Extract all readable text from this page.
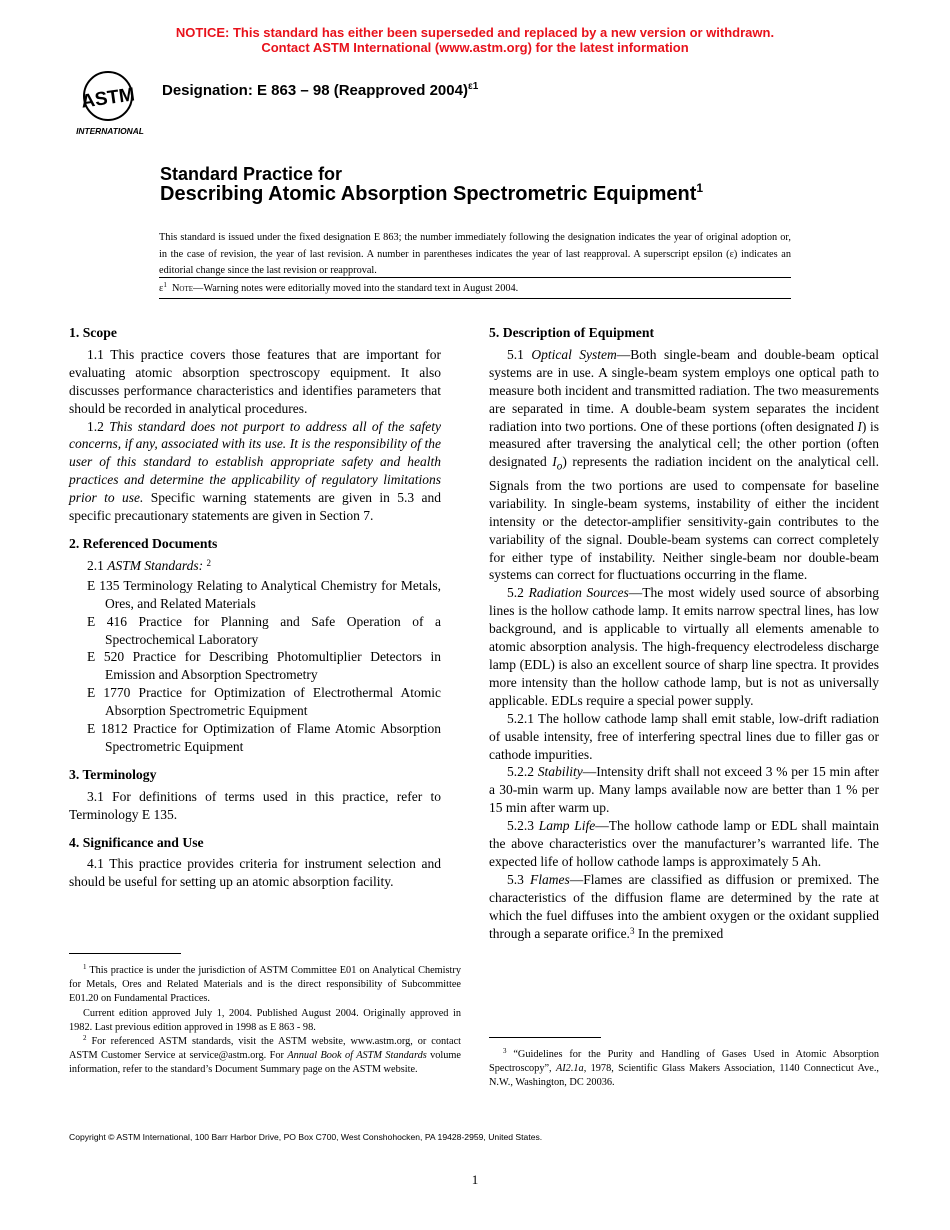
NOTICE: This standard has either been superseded and replaced by a new version or withdrawn.
Contact ASTM International (www.astm.org) for the latest information
ASTM
INTERNATIONAL
Designation: E 863 – 98 (Reapproved 2004)$^{\varepsilon 1}$
Standard Practice for
Describing Atomic Absorption Spectrometric Equipment$^1$
This standard is issued under the fixed designation E 863; the number immediately following the designation indicates the year of original adoption or, in the case of revision, the year of last revision. A number in parentheses indicates the year of last reapproval. A superscript epsilon (ε) indicates an editorial change since the last revision or reapproval.
$\varepsilon^1$ Note—Warning notes were editorially moved into the standard text in August 2004.
1. Scope
1.1 This practice covers those features that are important for evaluating atomic absorption spectroscopy equipment. It also discusses performance characteristics and identifies parameters that should be recorded in analytical procedures.
1.2 This standard does not purport to address all of the safety concerns, if any, associated with its use. It is the responsibility of the user of this standard to establish appropriate safety and health practices and determine the applicability of regulatory limitations prior to use. Specific warning statements are given in 5.3 and specific precautionary statements are given in Section 7.
2. Referenced Documents
2.1 ASTM Standards: $^2$
E 135 Terminology Relating to Analytical Chemistry for Metals, Ores, and Related Materials
E 416 Practice for Planning and Safe Operation of a Spectrochemical Laboratory
E 520 Practice for Describing Photomultiplier Detectors in Emission and Absorption Spectrometry
E 1770 Practice for Optimization of Electrothermal Atomic Absorption Spectrometric Equipment
E 1812 Practice for Optimization of Flame Atomic Absorption Spectrometric Equipment
3. Terminology
3.1 For definitions of terms used in this practice, refer to Terminology E 135.
4. Significance and Use
4.1 This practice provides criteria for instrument selection and should be useful for setting up an atomic absorption facility.
5. Description of Equipment
5.1 Optical System—Both single-beam and double-beam optical systems are in use. A single-beam system employs one optical path to measure both incident and transmitted radiation. The two measurements are separated in time. A double-beam system separates the incident radiation into two portions. One of these portions (often designated I) is measured after traversing the analytical cell; the other portion (often designated $I_o$) represents the radiation incident on the analytical cell. Signals from the two portions are used to compensate for baseline variability. In single-beam systems, instability of either the incident intensity or the detector-amplifier sensitivity-gain contributes to the variability of the signal. Double-beam systems can correct completely for either type of instability. Neither single-beam nor double-beam systems can correct for fluctuations occurring in the flame.
5.2 Radiation Sources—The most widely used source of absorbing lines is the hollow cathode lamp. It emits narrow spectral lines, has low background, and is applicable to virtually all elements amenable to atomic absorption analysis. The high-frequency electrodeless discharge lamp (EDL) is also an excellent source of sharp line spectra. It provides more intensity than the hollow cathode lamp, but is not as universally applicable. EDLs require a special power supply.
5.2.1 The hollow cathode lamp shall emit stable, low-drift radiation of usable intensity, free of interfering spectral lines due to filler gas or cathode impurities.
5.2.2 Stability—Intensity drift shall not exceed 3 % per 15 min after a 30-min warm up. Many lamps available now are better than 1 % per 15 min after warm up.
5.2.3 Lamp Life—The hollow cathode lamp or EDL shall maintain the above characteristics over the manufacturer’s warranted life. The expected life of hollow cathode lamps is approximately 5 Ah.
5.3 Flames—Flames are classified as diffusion or premixed. The characteristics of the diffusion flame are determined by the rate at which the fuel diffuses into the ambient oxygen or the oxidant supplied through a separate orifice.$^3$ In the premixed

$^1$ This practice is under the jurisdiction of ASTM Committee E01 on Analytical Chemistry for Metals, Ores and Related Materials and is the direct responsibility of Subcommittee E01.20 on Fundamental Practices.

Current edition approved July 1, 2004. Published August 2004. Originally approved in 1982. Last previous edition approved in 1998 as E 863 - 98.

$^2$ For referenced ASTM standards, visit the ASTM website, www.astm.org, or contact ASTM Customer Service at service@astm.org. For Annual Book of ASTM Standards volume information, refer to the standard’s Document Summary page on the ASTM website.

$^3$ “Guidelines for the Purity and Handling of Gases Used in Atomic Absorption Spectroscopy”, AI2.1a, 1978, Scientific Glass Makers Association, 1140 Connecticut Ave., N.W., Washington, DC 20036.

Copyright © ASTM International, 100 Barr Harbor Drive, PO Box C700, West Conshohocken, PA 19428-2959, United States.
1
